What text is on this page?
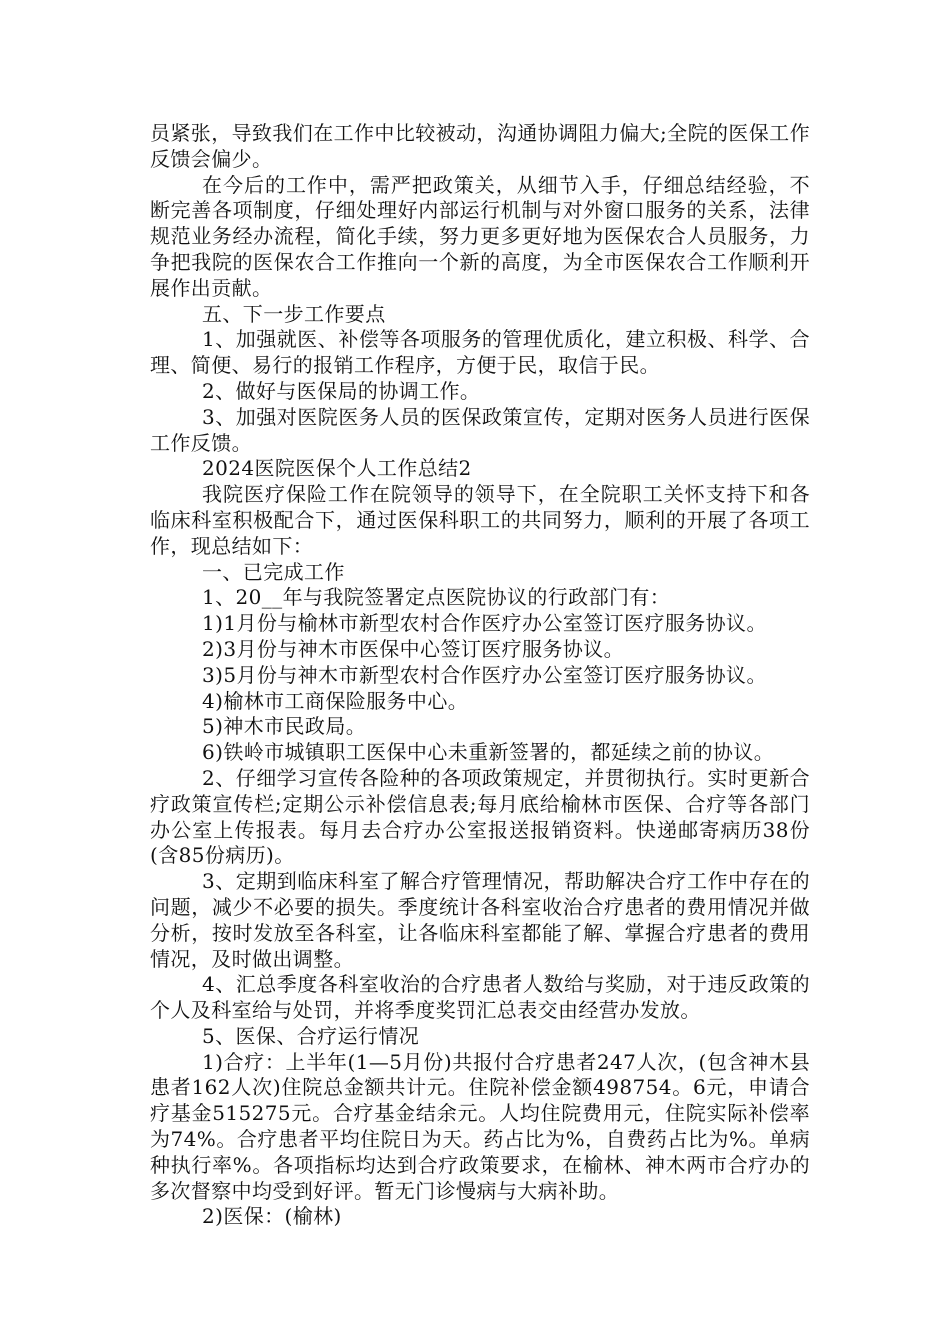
员紧张，导致我们在工作中比较被动，沟通协调阻力偏大;全院的医保工作反馈会偏少。

在今后的工作中，需严把政策关，从细节入手，仔细总结经验，不断完善各项制度，仔细处理好内部运行机制与对外窗口服务的关系，法律规范业务经办流程，简化手续，努力更多更好地为医保农合人员服务，力争把我院的医保农合工作推向一个新的高度，为全市医保农合工作顺利开展作出贡献。

五、下一步工作要点

1、加强就医、补偿等各项服务的管理优质化，建立积极、科学、合理、简便、易行的报销工作程序，方便于民，取信于民。

2、做好与医保局的协调工作。

3、加强对医院医务人员的医保政策宣传，定期对医务人员进行医保工作反馈。

2024医院医保个人工作总结2

我院医疗保险工作在院领导的领导下，在全院职工关怀支持下和各临床科室积极配合下，通过医保科职工的共同努力，顺利的开展了各项工作，现总结如下：

一、已完成工作

1、20__年与我院签署定点医院协议的行政部门有：

1)1月份与榆林市新型农村合作医疗办公室签订医疗服务协议。

2)3月份与神木市医保中心签订医疗服务协议。

3)5月份与神木市新型农村合作医疗办公室签订医疗服务协议。

4)榆林市工商保险服务中心。

5)神木市民政局。

6)铁岭市城镇职工医保中心未重新签署的，都延续之前的协议。

2、仔细学习宣传各险种的各项政策规定，并贯彻执行。实时更新合疗政策宣传栏;定期公示补偿信息表;每月底给榆林市医保、合疗等各部门办公室上传报表。每月去合疗办公室报送报销资料。快递邮寄病历38份(含85份病历)。

3、定期到临床科室了解合疗管理情况，帮助解决合疗工作中存在的问题，减少不必要的损失。季度统计各科室收治合疗患者的费用情况并做分析，按时发放至各科室，让各临床科室都能了解、掌握合疗患者的费用情况，及时做出调整。

4、汇总季度各科室收治的合疗患者人数给与奖励，对于违反政策的个人及科室给与处罚，并将季度奖罚汇总表交由经营办发放。

5、医保、合疗运行情况

1)合疗：上半年(1—5月份)共报付合疗患者247人次，(包含神木县患者162人次)住院总金额共计元。住院补偿金额498754。6元，申请合疗基金515275元。合疗基金结余元。人均住院费用元，住院实际补偿率为74%。合疗患者平均住院日为天。药占比为%，自费药占比为%。单病种执行率%。各项指标均达到合疗政策要求，在榆林、神木两市合疗办的多次督察中均受到好评。暂无门诊慢病与大病补助。

2)医保：(榆林)
